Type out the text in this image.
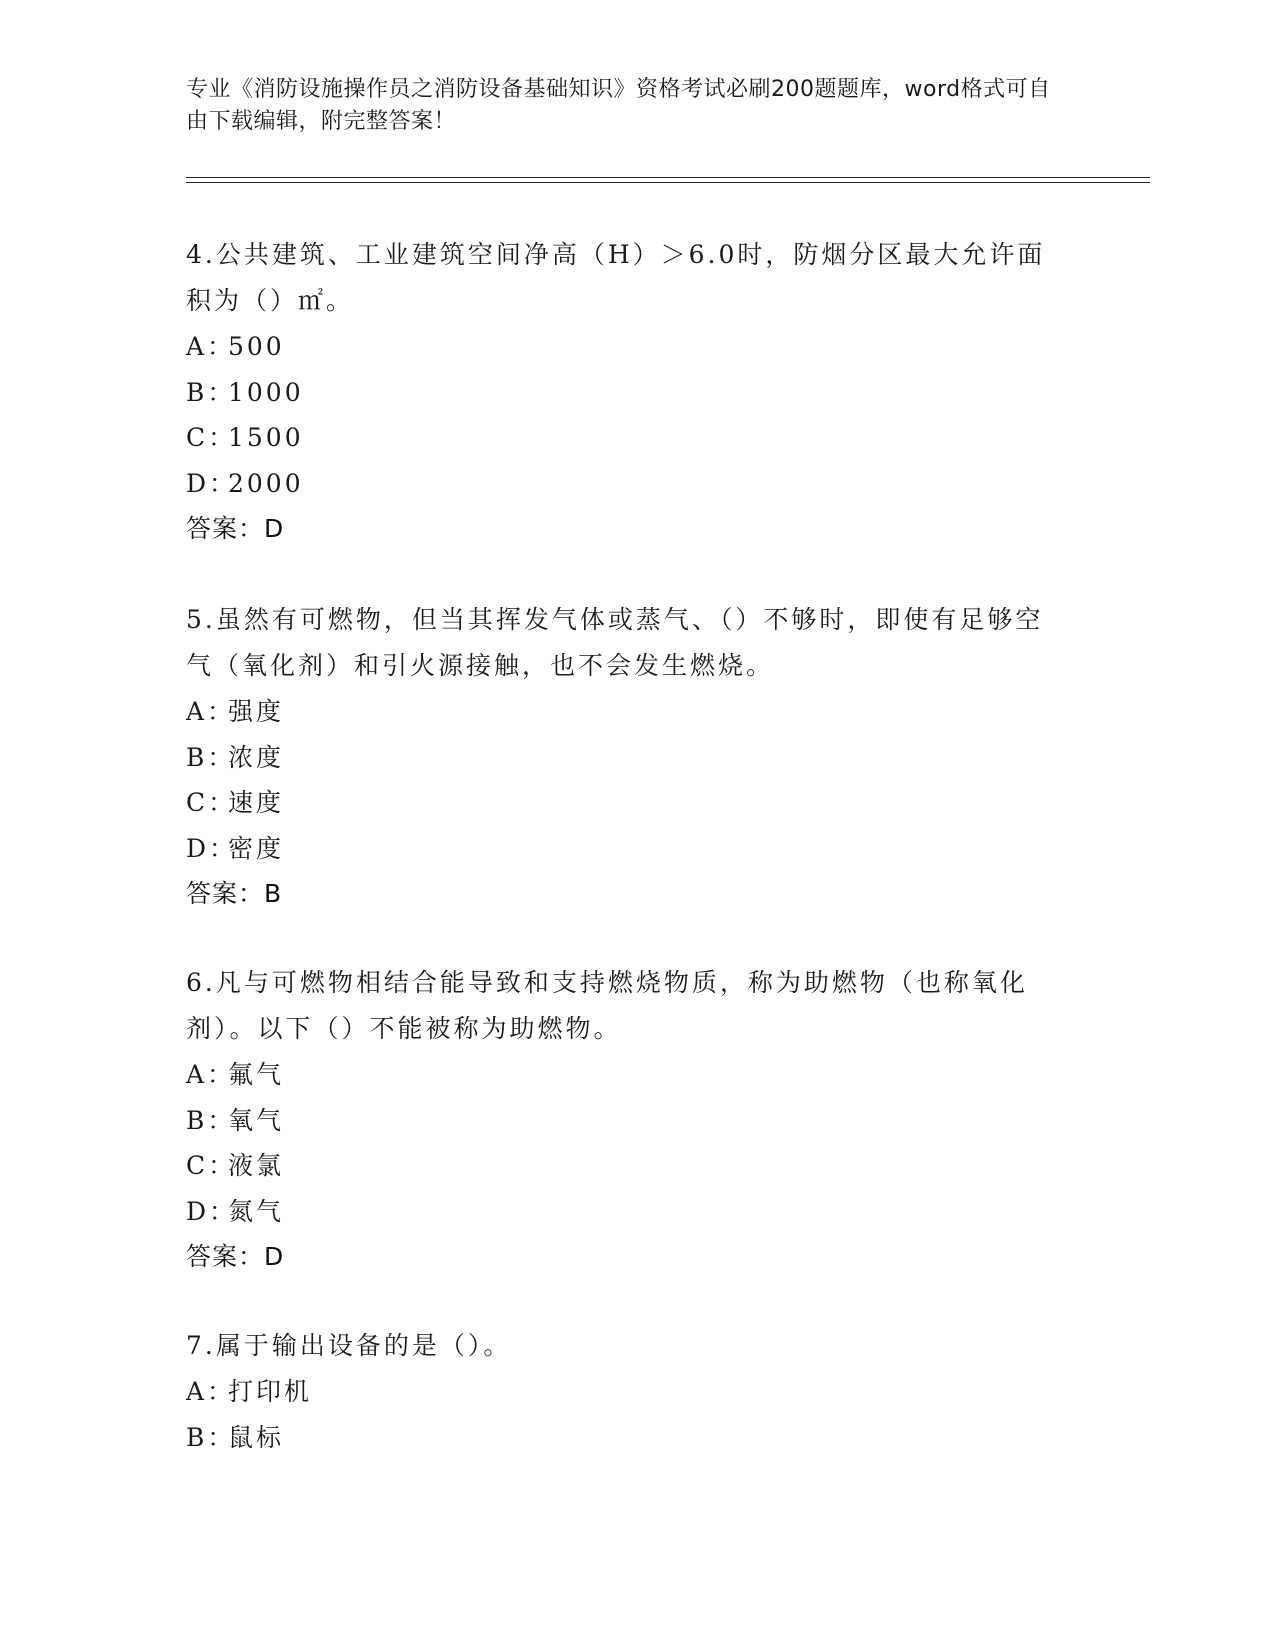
专业《消防设施操作员之消防设备基础知识》资格考试必刷200题题库，word格式可自由下载编辑，附完整答案！

4.公共建筑、工业建筑空间净高（H）＞6.0时，防烟分区最大允许面积为（）㎡。

A：500
B：1000
C：1500
D：2000
答案：D

5.虽然有可燃物，但当其挥发气体或蒸气、（）不够时，即使有足够空气（氧化剂）和引火源接触，也不会发生燃烧。

A：强度
B：浓度
C：速度
D：密度
答案：B

6.凡与可燃物相结合能导致和支持燃烧物质，称为助燃物（也称氧化剂）。以下（）不能被称为助燃物。

A：氟气
B：氧气
C：液氯
D：氮气
答案：D

7.属于输出设备的是（）。

A：打印机
B：鼠标
